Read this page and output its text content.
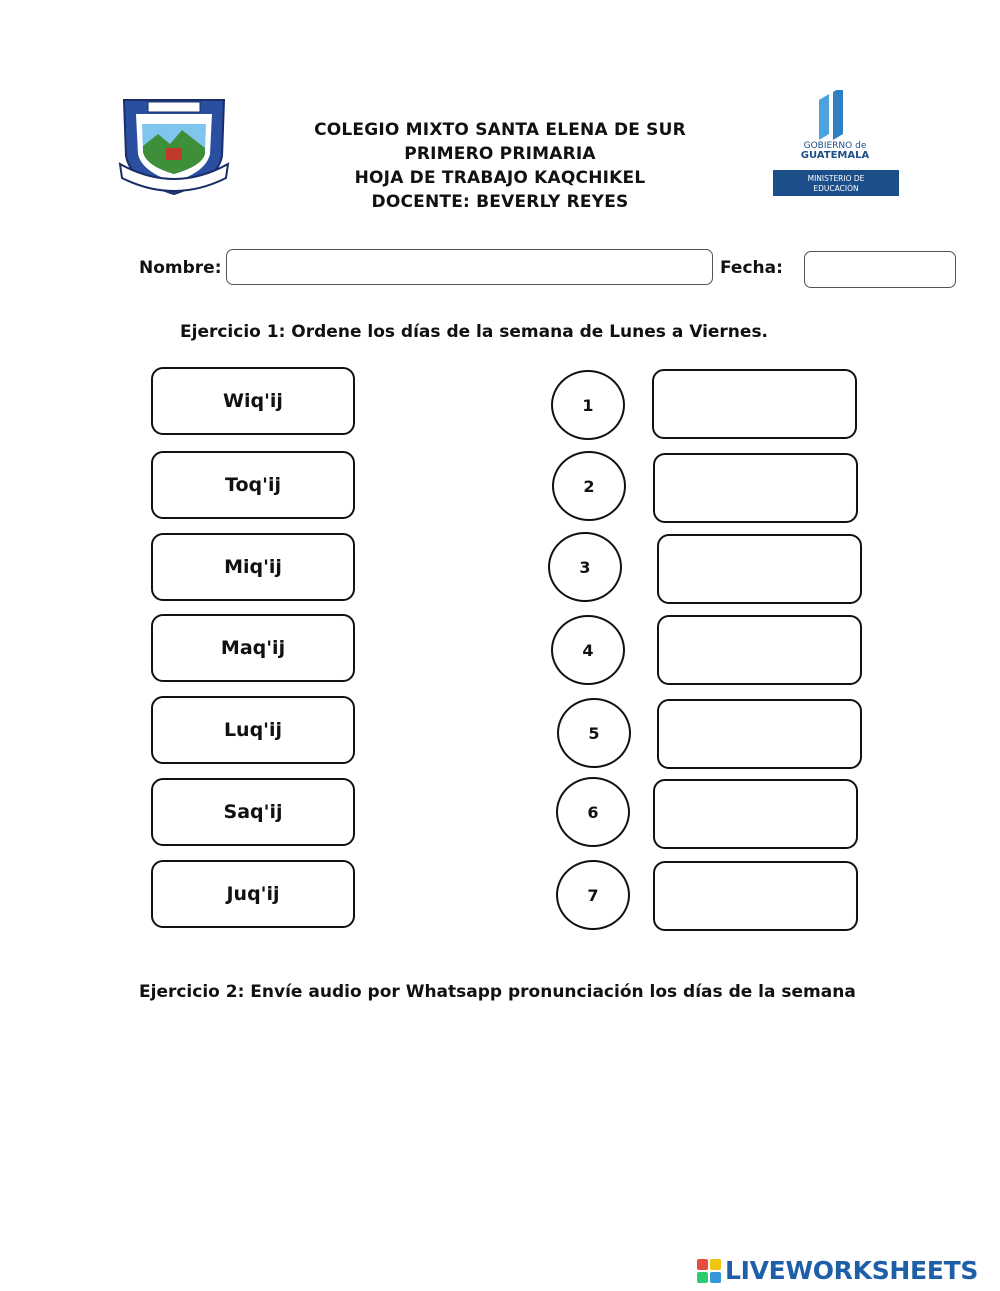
COLEGIO MIXTO SANTA ELENA DE SUR
PRIMERO PRIMARIA
HOJA DE TRABAJO KAQCHIKEL
DOCENTE: BEVERLY REYES
GOBIERNO de
GUATEMALA
MINISTERIO DE
EDUCACIÓN
Nombre:	Fecha:
Ejercicio 1: Ordene los días de la semana de Lunes a Viernes.
Wiq'ij
Toq'ij
Miq'ij
Maq'ij
Luq'ij
Saq'ij
Juq'ij
1
2
3
4
5
6
7
Ejercicio 2: Envíe audio por Whatsapp pronunciación los días de la semana
LIVEWORKSHEETS
